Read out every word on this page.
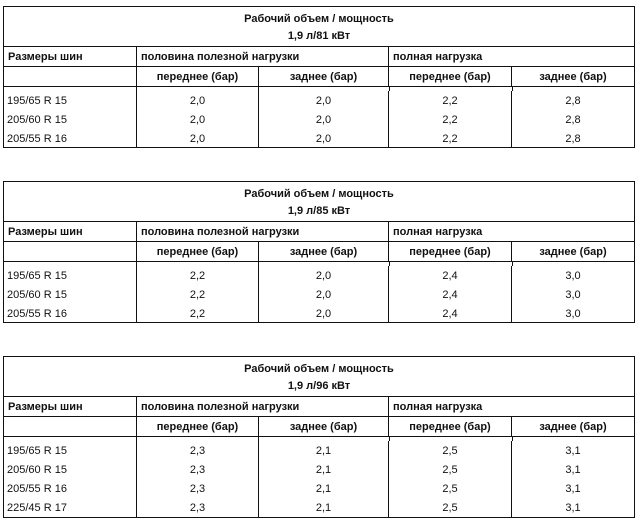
Рабочий объем / мощность
1,9 л/81 кВт
Размеры шин	половина полезной нагрузки	полная нагрузка
переднее (бар)	заднее (бар)	переднее (бар)	заднее (бар)
195/65 R 15	2,0	2,0	2,2	2,8
205/60 R 15	2,0	2,0	2,2	2,8
205/55 R 16	2,0	2,0	2,2	2,8
Рабочий объем / мощность
1,9 л/85 кВт
Размеры шин	половина полезной нагрузки	полная нагрузка
переднее (бар)	заднее (бар)	переднее (бар)	заднее (бар)
195/65 R 15	2,2	2,0	2,4	3,0
205/60 R 15	2,2	2,0	2,4	3,0
205/55 R 16	2,2	2,0	2,4	3,0
Рабочий объем / мощность
1,9 л/96 кВт
Размеры шин	половина полезной нагрузки	полная нагрузка
переднее (бар)	заднее (бар)	переднее (бар)	заднее (бар)
195/65 R 15	2,3	2,1	2,5	3,1
205/60 R 15	2,3	2,1	2,5	3,1
205/55 R 16	2,3	2,1	2,5	3,1
225/45 R 17	2,3	2,1	2,5	3,1
